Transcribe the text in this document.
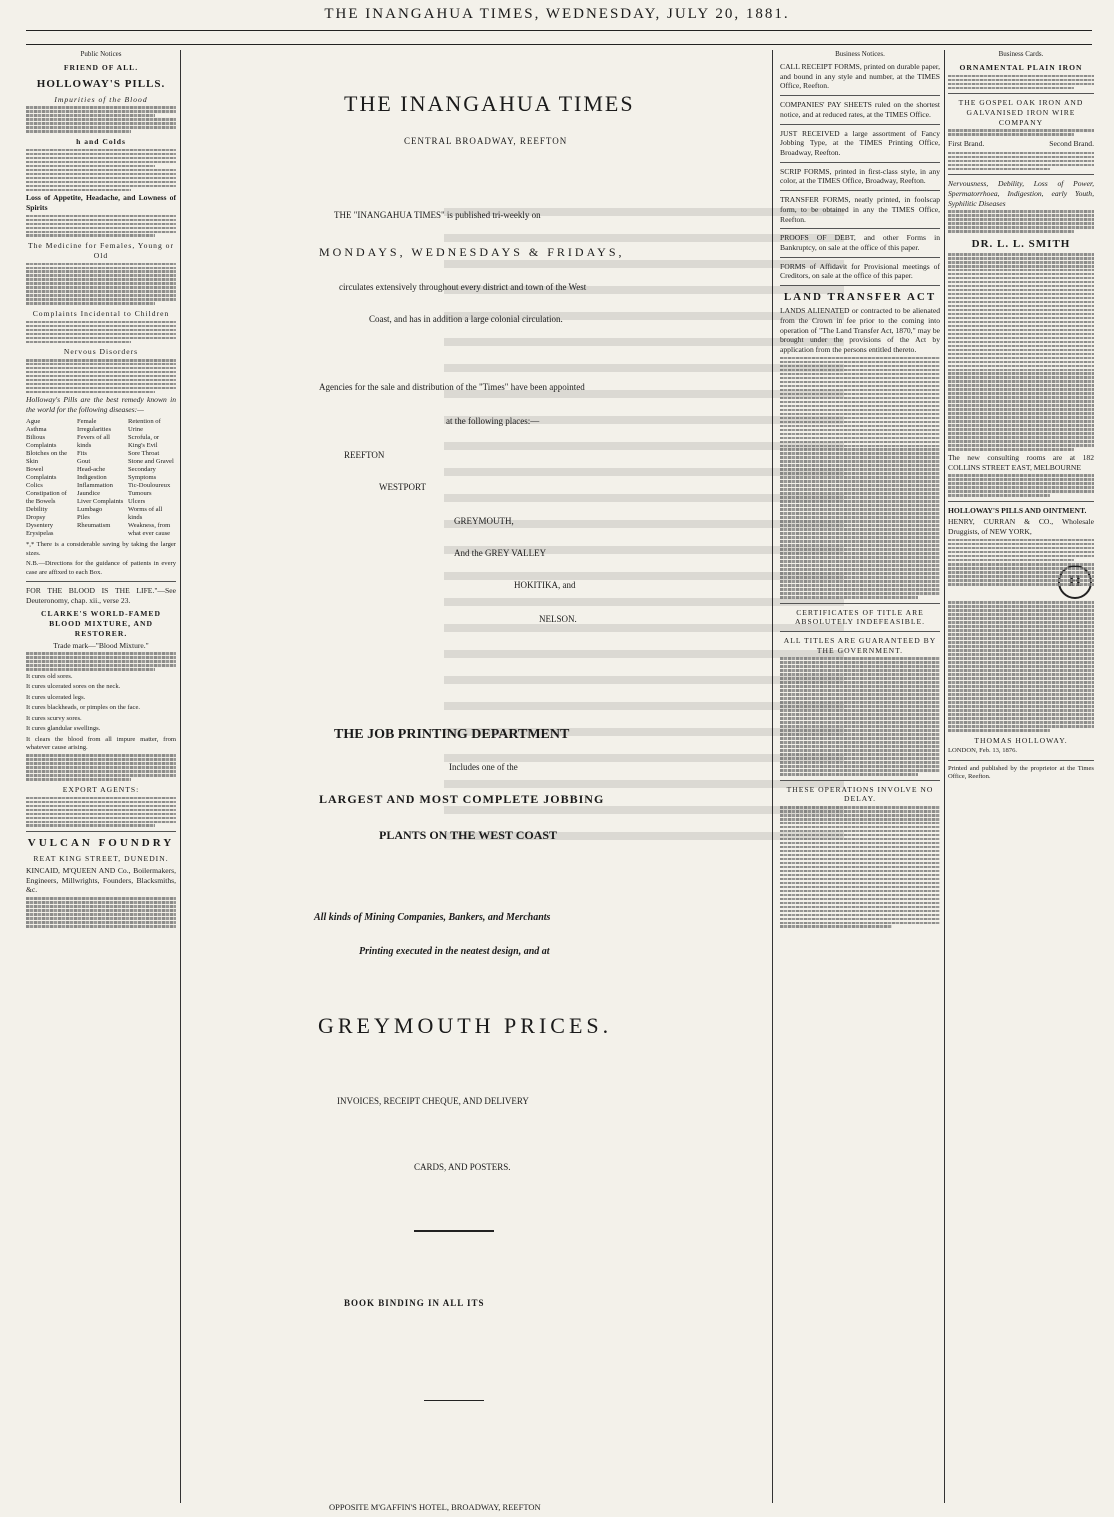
THE INANGAHUA TIMES, WEDNESDAY, JULY 20, 1881.
Public Notices
FRIEND OF ALL.
HOLLOWAY'S PILLS.
Impurities of the Blood
h and Colds
Loss of Appetite, Headache, and Lowness of Spirits
The Medicine for Females, Young or Old
Complaints Incidental to Children
Nervous Disorders
Holloway's Pills are the best remedy known in the world for the following diseases:—
Ague
Asthma
Bilious Complaints
Blotches on the Skin
Bowel Complaints
Colics
Constipation of the Bowels
Debility
Dropsy
Dysentery
Erysipelas
Female Irregularities
Fevers of all kinds
Fits
Gout
Head-ache
Indigestion
Inflammation
Jaundice
Liver Complaints
Lumbago
Piles
Rheumatism
Retention of Urine
Scrofula, or King's Evil
Sore Throat
Stone and Gravel
Secondary Symptoms
Tic-Douloureux
Tumours
Ulcers
Worms of all kinds
Weakness, from what ever cause
*,* There is a considerable saving by taking the larger sizes.
N.B.—Directions for the guidance of patients in every case are affixed to each Box.
FOR THE BLOOD IS THE LIFE."—See Deuteronomy, chap. xii., verse 23.
CLARKE'S WORLD-FAMED BLOOD MIXTURE, AND RESTORER.
Trade mark—"Blood Mixture."
It cures old sores.
It cures ulcerated sores on the neck.
It cures ulcerated legs.
It cures blackheads, or pimples on the face.
It cures scurvy sores.
It cures glandular swellings.
It clears the blood from all impure matter, from whatever cause arising.
EXPORT AGENTS:
VULCAN FOUNDRY
REAT KING STREET, DUNEDIN.
KINCAID, M'QUEEN AND Co., Boilermakers, Engineers, Millwrights, Founders, Blacksmiths, &c.
THE INANGAHUA TIMES
CENTRAL BROADWAY, REEFTON
THE "INANGAHUA TIMES" is published tri-weekly on
MONDAYS, WEDNESDAYS & FRIDAYS,
circulates extensively throughout every district and town of the West
Coast, and has in addition a large colonial circulation.
Agencies for the sale and distribution of the "Times" have been appointed
at the following places:—
REEFTON
WESTPORT
GREYMOUTH,
And the GREY VALLEY
HOKITIKA, and
NELSON.
THE JOB PRINTING DEPARTMENT
Includes one of the
LARGEST AND MOST COMPLETE JOBBING
PLANTS ON THE WEST COAST
All kinds of Mining Companies, Bankers, and Merchants
Printing executed in the neatest design, and at
GREYMOUTH PRICES.
INVOICES, RECEIPT CHEQUE, AND DELIVERY
CARDS, AND POSTERS.
BOOK BINDING IN ALL ITS
OPPOSITE M'GAFFIN'S HOTEL, BROADWAY, REEFTON
Business Notices.
CALL RECEIPT FORMS, printed on durable paper, and bound in any style and number, at the TIMES Office, Reefton.
COMPANIES' PAY SHEETS ruled on the shortest notice, and at reduced rates, at the TIMES Office.
JUST RECEIVED a large assortment of Fancy Jobbing Type, at the TIMES Printing Office, Broadway, Reefton.
SCRIP FORMS, printed in first-class style, in any color, at the TIMES Office, Broadway, Reefton.
TRANSFER FORMS, neatly printed, in foolscap form, to be obtained in any the TIMES Office, Reefton.
PROOFS OF DEBT, and other Forms in Bankruptcy, on sale at the office of this paper.
FORMS of Affidavit for Provisional meetings of Creditors, on sale at the office of this paper.
LAND TRANSFER ACT
LANDS ALIENATED or contracted to be alienated from the Crown in fee prior to the coming into operation of "The Land Transfer Act, 1870," may be brought under the provisions of the Act by application from the persons entitled thereto.
CERTIFICATES OF TITLE ARE ABSOLUTELY INDEFEASIBLE.
ALL TITLES ARE GUARANTEED BY THE GOVERNMENT.
THESE OPERATIONS INVOLVE NO DELAY.
Business Cards.
ORNAMENTAL PLAIN IRON
THE GOSPEL OAK IRON AND GALVANISED IRON WIRE COMPANY
First Brand.	Second Brand.
Nervousness, Debility, Loss of Power, Spermatorrhoea, Indigestion, early Youth, Syphilitic Diseases
DR. L. L. SMITH
The new consulting rooms are at 182 COLLINS STREET EAST, MELBOURNE
HOLLOWAY'S PILLS AND OINTMENT.
HENRY, CURRAN & CO., Wholesale Druggists, of NEW YORK,
THOMAS HOLLOWAY.
LONDON, Feb. 13, 1876.
Printed and published by the proprietor at the Times Office, Reefton.
